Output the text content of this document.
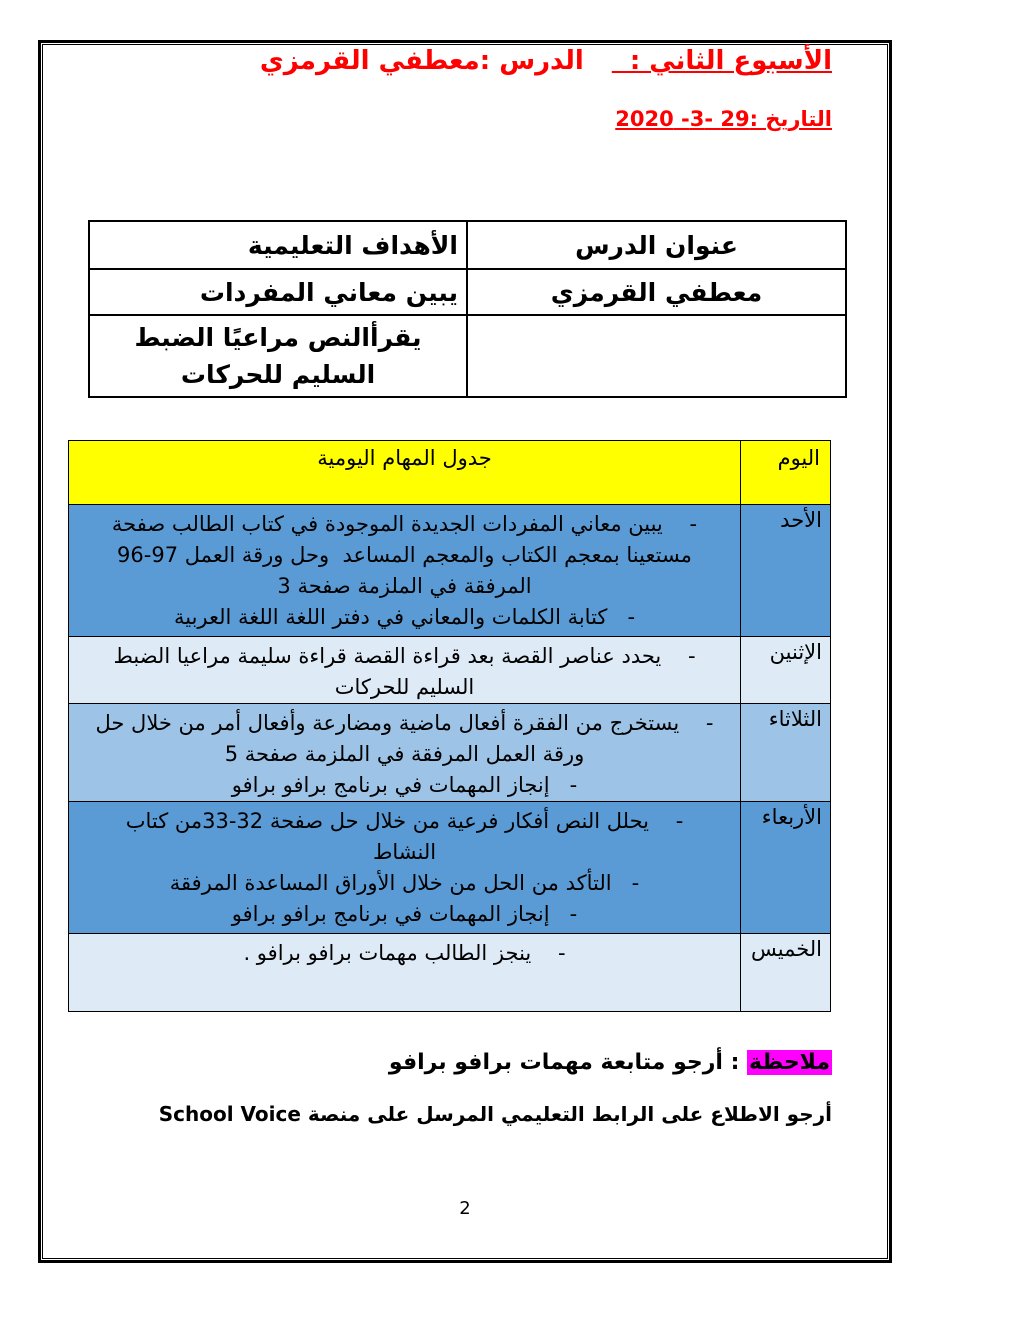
الأسبوع الثاني :  الدرس :معطفي القرمزي
التاريخ :29 -3- 2020
عنوان الدرس	الأهداف التعليمية
معطفي القرمزي	يبين معاني المفردات

	يقرأالنص مراعيًا الضبط
السليم للحركات
اليوم	جدول المهام اليومية
الأحد	-    يبين معاني المفردات الجديدة الموجودة في كتاب الطالب صفحة
مستعينا بمعجم الكتاب والمعجم المساعد  وحل ورقة العمل 97-96
المرفقة في الملزمة صفحة 3
-   كتابة الكلمات والمعاني في دفتر اللغة اللغة العربية

الإثنين	-    يحدد عناصر القصة بعد قراءة القصة قراءة سليمة مراعيا الضبط
السليم للحركات

الثلاثاء	-    يستخرج من الفقرة أفعال ماضية ومضارعة وأفعال أمر من خلال حل
ورقة العمل المرفقة في الملزمة صفحة 5
-   إنجاز المهمات في برنامج برافو برافو

الأربعاء	-    يحلل النص أفكار فرعية من خلال حل صفحة 32-33من كتاب
النشاط
-   التأكد من الحل من خلال الأوراق المساعدة المرفقة
-   إنجاز المهمات في برنامج برافو برافو

الخميس	-    ينجز الطالب مهمات برافو برافو .
ملاحظة : أرجو متابعة مهمات برافو برافو
أرجو الاطلاع على الرابط التعليمي المرسل على منصة School Voice
2
